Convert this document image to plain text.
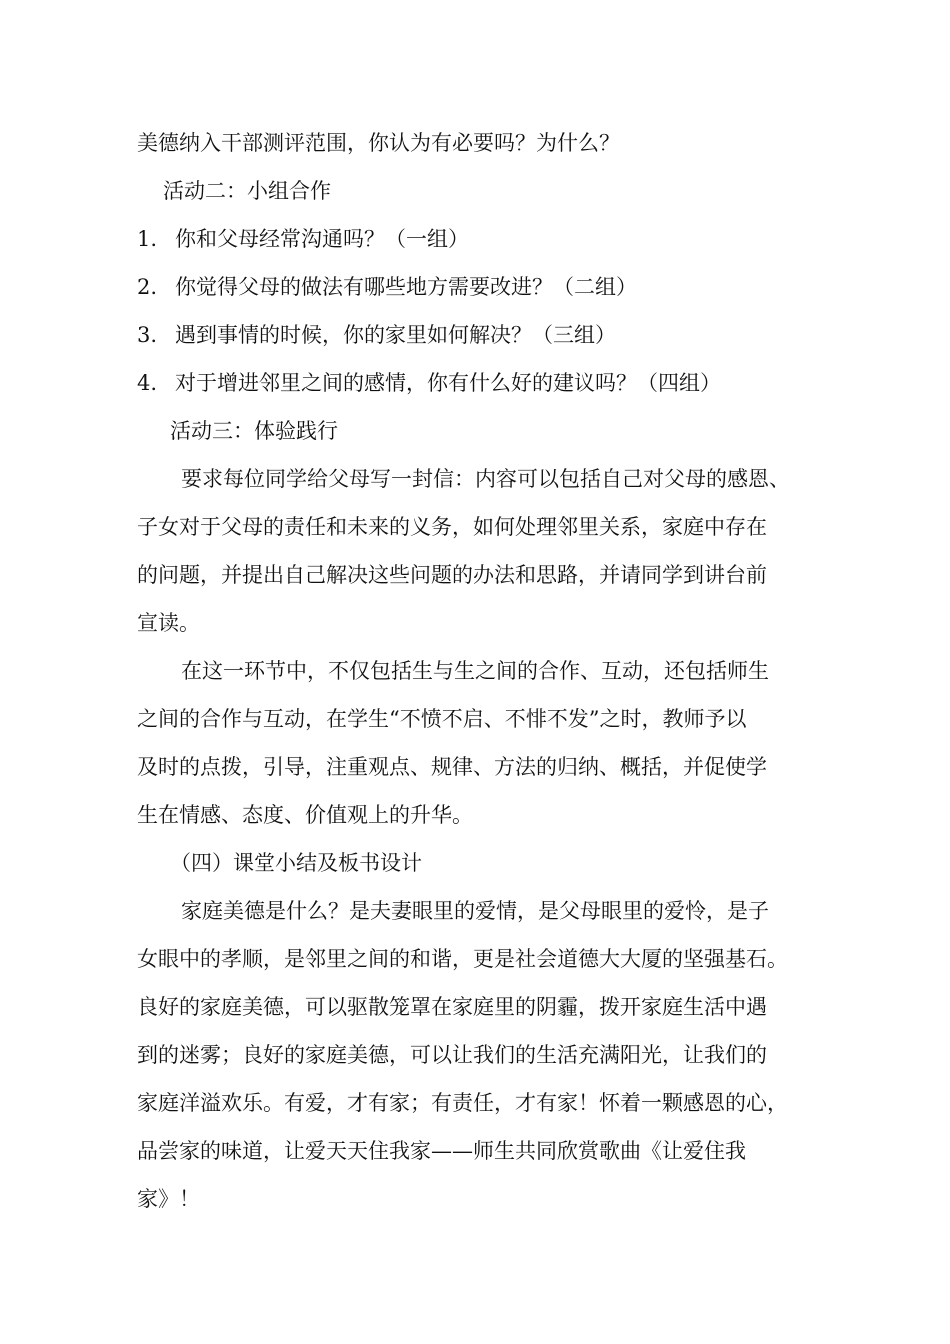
美德纳入干部测评范围，你认为有必要吗？为什么？
活动二：小组合作
1. 你和父母经常沟通吗？（一组）
2. 你觉得父母的做法有哪些地方需要改进？（二组）
3. 遇到事情的时候，你的家里如何解决？（三组）
4. 对于增进邻里之间的感情，你有什么好的建议吗？（四组）
活动三：体验践行
要求每位同学给父母写一封信：内容可以包括自己对父母的感恩、
子女对于父母的责任和未来的义务，如何处理邻里关系，家庭中存在
的问题，并提出自己解决这些问题的办法和思路，并请同学到讲台前
宣读。
在这一环节中，不仅包括生与生之间的合作、互动，还包括师生
之间的合作与互动，在学生“不愤不启、不悱不发”之时，教师予以
及时的点拨，引导，注重观点、规律、方法的归纳、概括，并促使学
生在情感、态度、价值观上的升华。
（四）课堂小结及板书设计
家庭美德是什么？是夫妻眼里的爱情，是父母眼里的爱怜，是子
女眼中的孝顺，是邻里之间的和谐，更是社会道德大大厦的坚强基石。
良好的家庭美德，可以驱散笼罩在家庭里的阴霾，拨开家庭生活中遇
到的迷雾；良好的家庭美德，可以让我们的生活充满阳光，让我们的
家庭洋溢欢乐。有爱，才有家；有责任，才有家！怀着一颗感恩的心，
品尝家的味道，让爱天天住我家——师生共同欣赏歌曲《让爱住我
家》！
